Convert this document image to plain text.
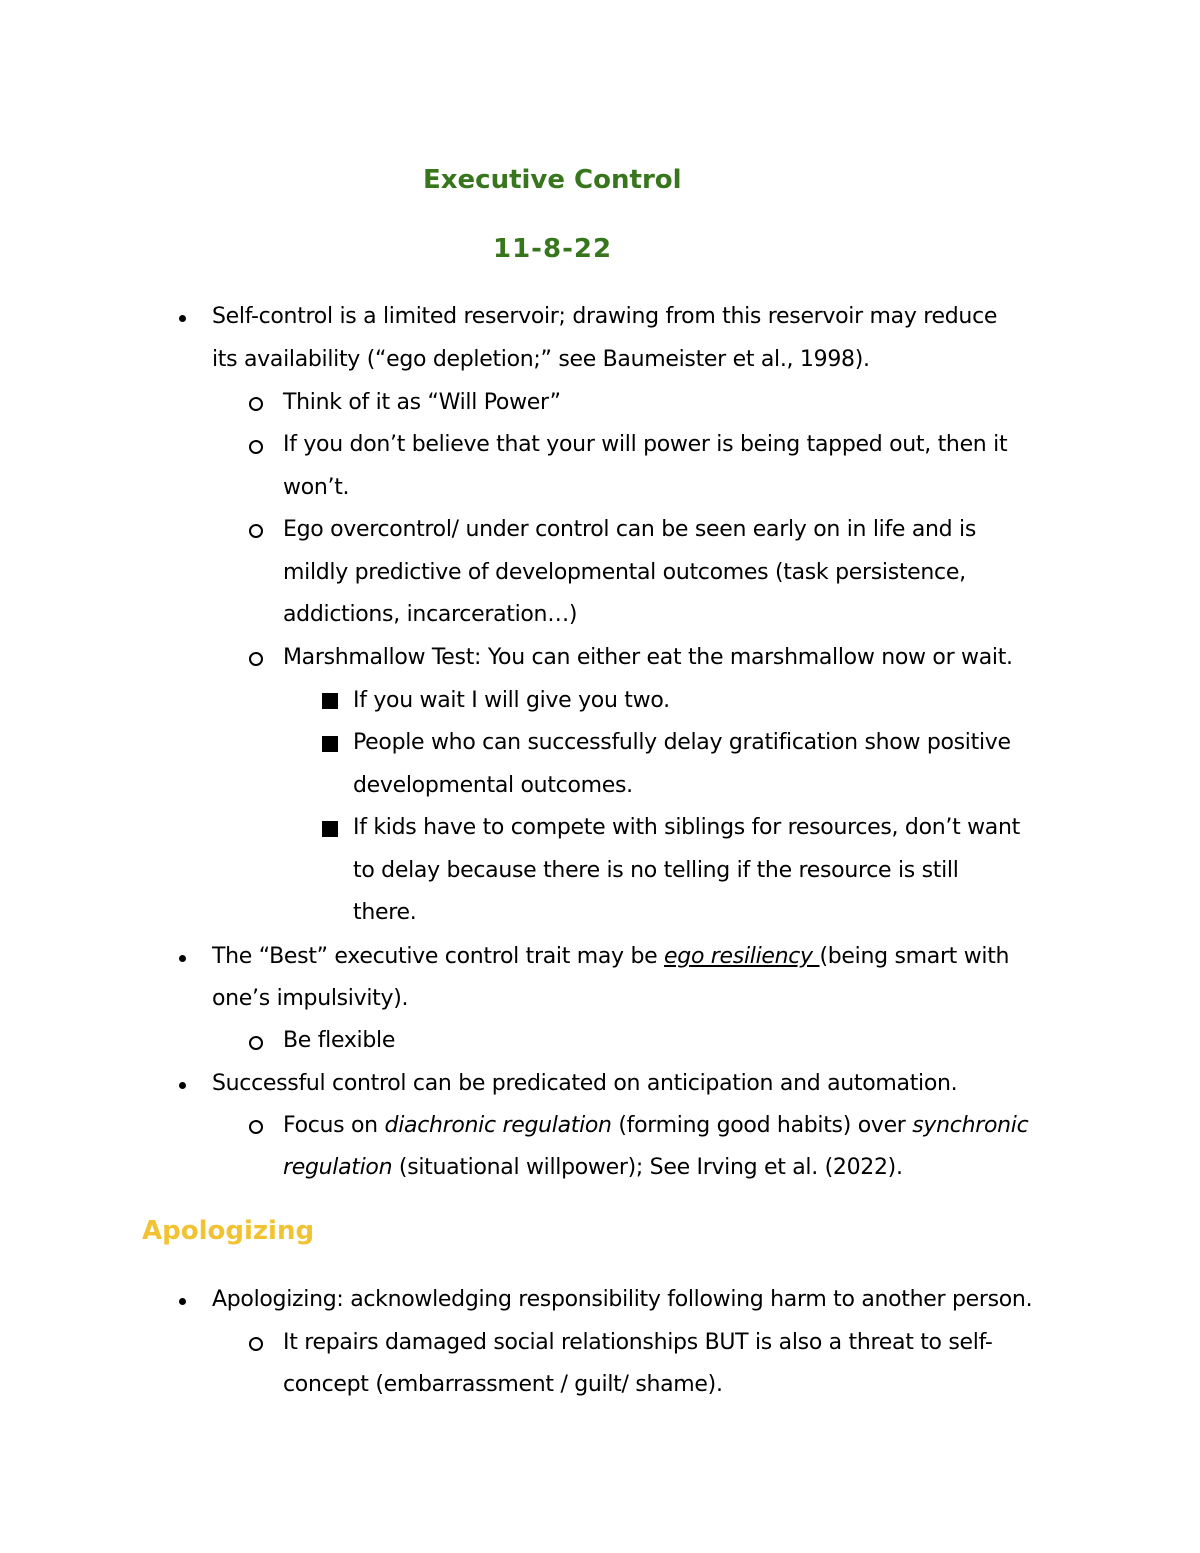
Executive Control
11-8-22
Self-control is a limited reservoir; drawing from this reservoir may reduce
its availability (“ego depletion;” see Baumeister et al., 1998).
Think of it as “Will Power”
If you don’t believe that your will power is being tapped out, then it
won’t.
Ego overcontrol/ under control can be seen early on in life and is
mildly predictive of developmental outcomes (task persistence,
addictions, incarceration…)
Marshmallow Test: You can either eat the marshmallow now or wait.
If you wait I will give you two.
People who can successfully delay gratification show positive
developmental outcomes.
If kids have to compete with siblings for resources, don’t want
to delay because there is no telling if the resource is still
there.
The “Best” executive control trait may be ego resiliency (being smart with
one’s impulsivity).
Be flexible
Successful control can be predicated on anticipation and automation.
Focus on diachronic regulation (forming good habits) over synchronic
regulation (situational willpower); See Irving et al. (2022).
Apologizing
Apologizing: acknowledging responsibility following harm to another person.
It repairs damaged social relationships BUT is also a threat to self-
concept (embarrassment / guilt/ shame).
